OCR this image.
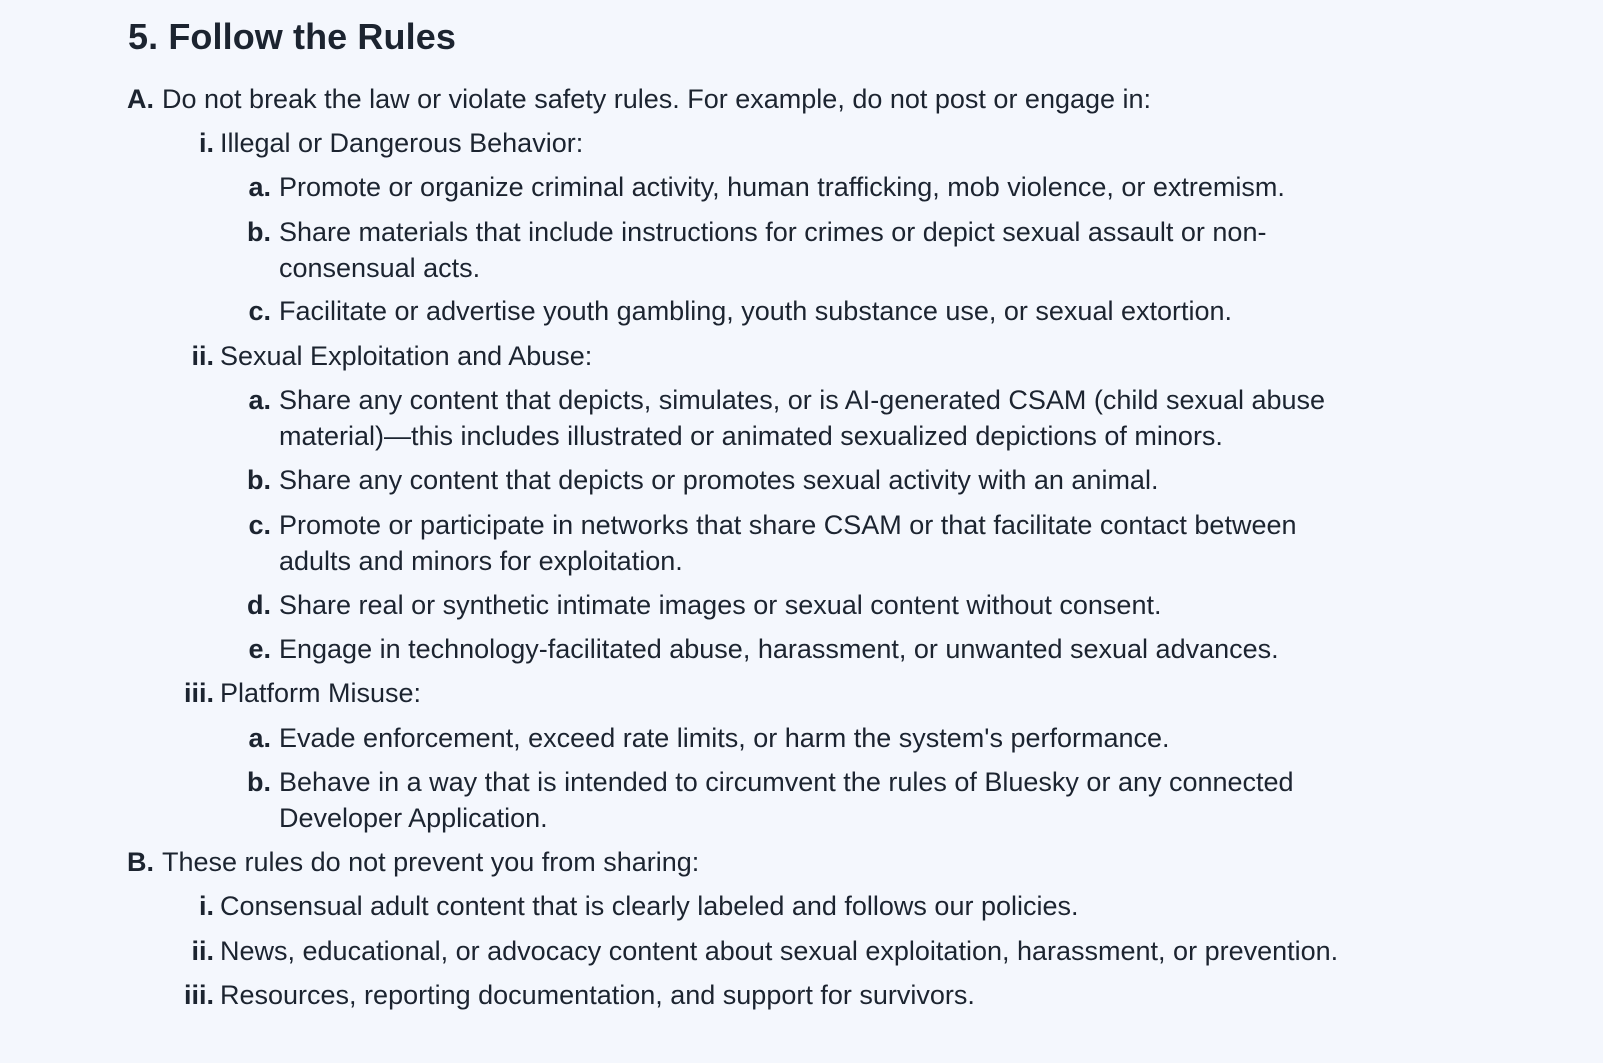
5. Follow the Rules
A. Do not break the law or violate safety rules. For example, do not post or engage in:
i. Illegal or Dangerous Behavior:
a. Promote or organize criminal activity, human trafficking, mob violence, or extremism.
b. Share materials that include instructions for crimes or depict sexual assault or non-
consensual acts.
c. Facilitate or advertise youth gambling, youth substance use, or sexual extortion.
ii. Sexual Exploitation and Abuse:
a. Share any content that depicts, simulates, or is AI-generated CSAM (child sexual abuse
material)—this includes illustrated or animated sexualized depictions of minors.
b. Share any content that depicts or promotes sexual activity with an animal.
c. Promote or participate in networks that share CSAM or that facilitate contact between
adults and minors for exploitation.
d. Share real or synthetic intimate images or sexual content without consent.
e. Engage in technology-facilitated abuse, harassment, or unwanted sexual advances.
iii. Platform Misuse:
a. Evade enforcement, exceed rate limits, or harm the system's performance.
b. Behave in a way that is intended to circumvent the rules of Bluesky or any connected
Developer Application.
B. These rules do not prevent you from sharing:
i. Consensual adult content that is clearly labeled and follows our policies.
ii. News, educational, or advocacy content about sexual exploitation, harassment, or prevention.
iii. Resources, reporting documentation, and support for survivors.
